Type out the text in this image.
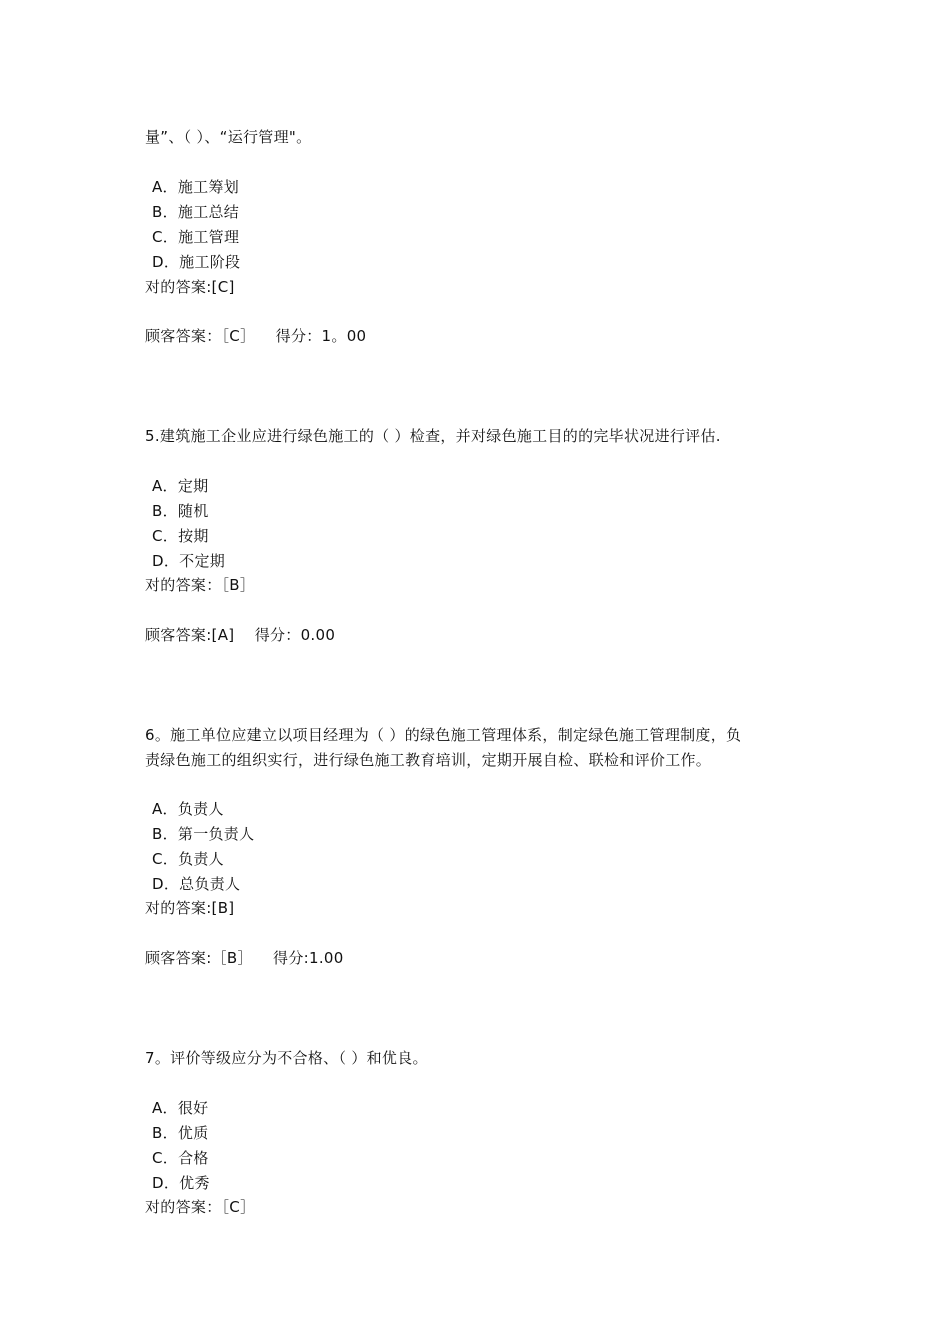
量”、（ ）、“运行管理"。
A．施工筹划
B．施工总结
C．施工管理
D．施工阶段
对的答案:[C]
顾客答案：［C］    得分：1。00
5.建筑施工企业应进行绿色施工的（ ）检查，并对绿色施工目的的完毕状况进行评估.
A．定期
B．随机
C．按期
D．不定期
对的答案：［B］
顾客答案:[A]    得分：0.00
6。施工单位应建立以项目经理为（ ）的绿色施工管理体系，制定绿色施工管理制度，负
责绿色施工的组织实行，进行绿色施工教育培训，定期开展自检、联检和评价工作。
A．负责人
B．第一负责人
C．负责人
D．总负责人
对的答案:[B]
顾客答案:［B］    得分:1.00
7。评价等级应分为不合格、（ ）和优良。
A．很好
B．优质
C．合格
D．优秀
对的答案：［C］
